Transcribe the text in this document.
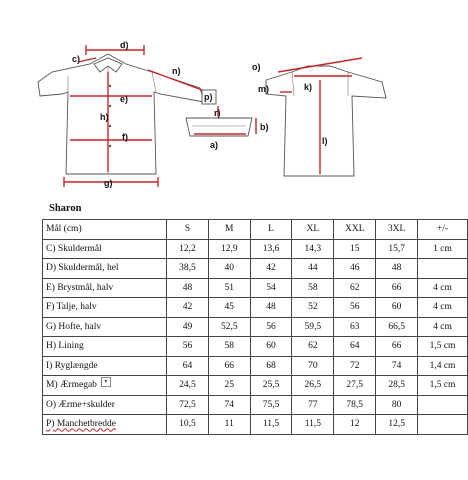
d)
c)
e)
h)
f)
g)
n)
p)
r)
b)
a)
o)
m)	k)
l)
Sharon
Mål (cm)	S	M	L	XL	XXL	3XL	+/-
C) Skuldermål	12,2	12,9	13,6	14,3	15	15,7	1 cm
D) Skuldermål, hel	38,5	40	42	44	46	48	
E) Brystmål, halv	48	51	54	58	62	66	4 cm
F) Talje, halv	42	45	48	52	56	60	4 cm
G) Hofte, halv	49	52,5	56	59,5	63	66,5	4 cm
H) Lining	56	58	60	62	64	66	1,5 cm
I) Ryglængde	64	66	68	70	72	74	1,4 cm
M) Ærmegab ▾	24,5	25	25,5	26,5	27,5	28,5	1,5 cm
O) Ærme+skulder	72,5	74	75,5	77	78,5	80	
P) Manchetbredde	10,5	11	11,5	11,5	12	12,5	
